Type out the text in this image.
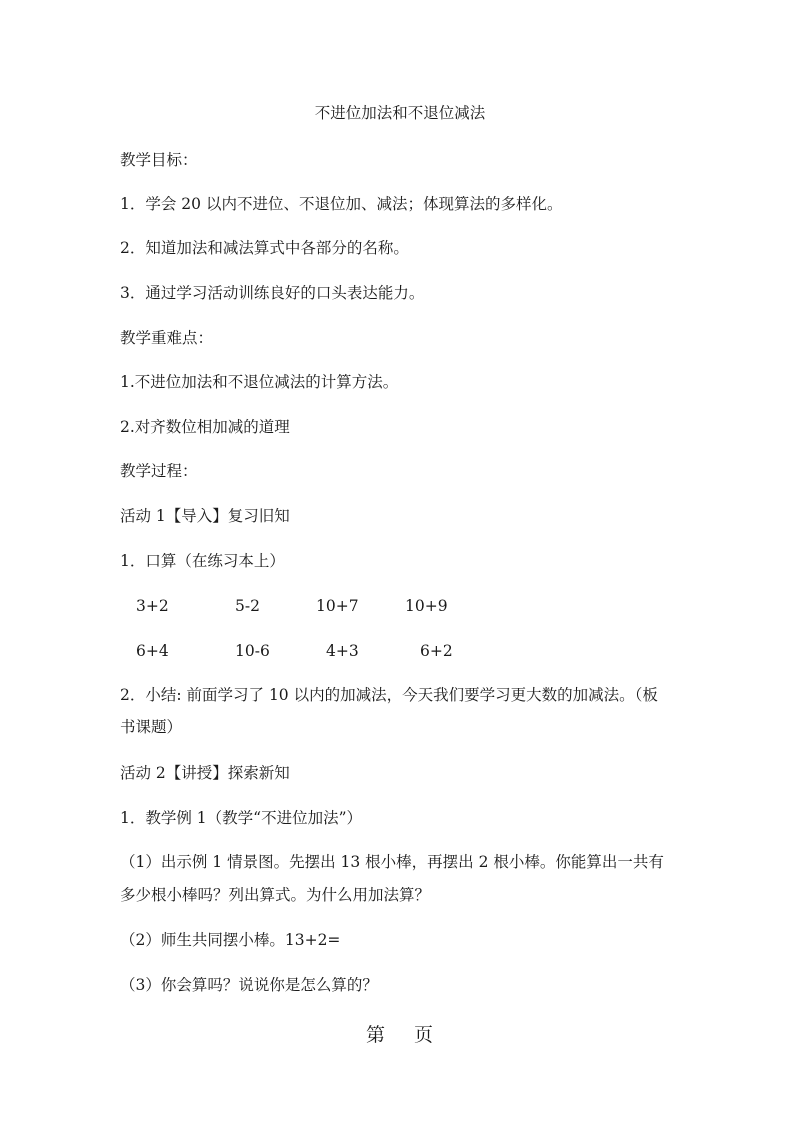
不进位加法和不退位减法
教学目标：
1．学会 20 以内不进位、不退位加、减法；体现算法的多样化。
2．知道加法和减法算式中各部分的名称。
3．通过学习活动训练良好的口头表达能力。
教学重难点：
1.不进位加法和不退位减法的计算方法。
2.对齐数位相加减的道理
教学过程：
活动 1【导入】复习旧知
1．口算（在练习本上）
3+2	5-2	10+7	10+9
6+4	10-6	4+3	6+2
2．小结: 前面学习了 10 以内的加减法，今天我们要学习更大数的加减法。（板
书课题）
活动 2【讲授】探索新知
1．教学例 1（教学“不进位加法”）
（1）出示例 1 情景图。先摆出 13 根小棒，再摆出 2 根小棒。你能算出一共有
多少根小棒吗？列出算式。为什么用加法算？
（2）师生共同摆小棒。13+2=
（3）你会算吗？说说你是怎么算的？
第 页
